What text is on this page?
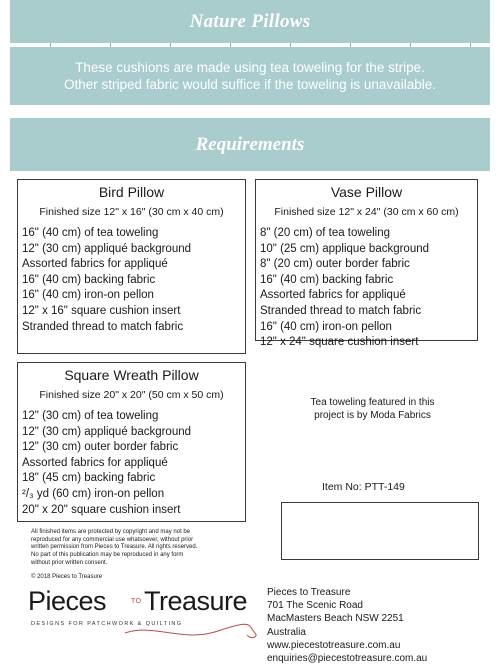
Nature Pillows

These cushions are made using tea toweling for the stripe.

Other striped fabric would suffice if the toweling is unavailable.

Requirements
Bird Pillow
Finished size 12" x 16" (30 cm x 40 cm)
16" (40 cm) of tea toweling
12" (30 cm) appliqué background
Assorted fabrics for appliqué
16" (40 cm) backing fabric
16" (40 cm) iron-on pellon
12" x 16" square cushion insert
Stranded thread to match fabric
Vase Pillow
Finished size 12" x 24" (30 cm x 60 cm)
8" (20 cm) of tea toweling
10" (25 cm) applique background
8" (20 cm) outer border fabric
16" (40 cm) backing fabric
Assorted fabrics for appliqué
Stranded thread to match fabric
16" (40 cm) iron-on pellon
12" x 24" square cushion insert
Square Wreath Pillow
Finished size 20" x 20" (50 cm x 50 cm)
12" (30 cm) of tea toweling
12" (30 cm) appliqué background
12" (30 cm) outer border fabric
Assorted fabrics for appliqué
18" (45 cm) backing fabric
²/₃ yd (60 cm) iron-on pellon
20" x 20" square cushion insert
Tea toweling featured in this
project is by Moda Fabrics
Item No: PTT-149
All finished items are protected by copyright and may not be
reproduced for any commercial use whatsoever, without prior
written permission from Pieces to Treasure. All rights reserved.
No part of this publication may be reproduced in any form
without prior written consent.
© 2018 Pieces to Treasure
Pieces	TO Treasure
DESIGNS FOR PATCHWORK & QUILTING
Pieces to Treasure
701 The Scenic Road
MacMasters Beach NSW 2251
Australia
www.piecestotreasure.com.au
enquiries@piecestotreasure.com.au
